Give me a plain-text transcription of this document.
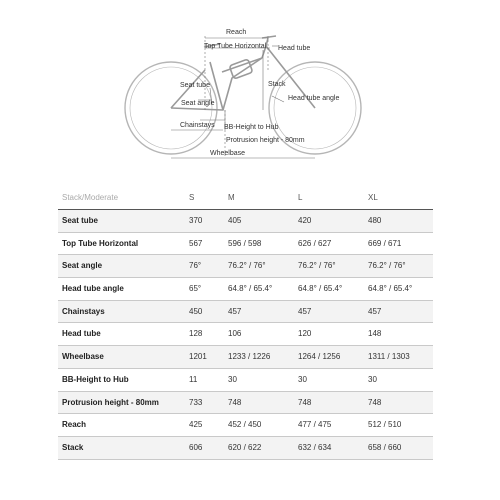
Reach
Top Tube Horizontal Head tube
Seat tube	Stack
Seat angle
Head tube angle
Chainstays BB-Height to Hub
Protrusion height - 80mm
Wheelbase
Stack/Moderate	S	M	L	XL
Seat tube	370	405	420	480
Top Tube Horizontal	567	596 / 598	626 / 627	669 / 671
Seat angle	76°	76.2° / 76°	76.2° / 76°	76.2° / 76°
Head tube angle	65°	64.8° / 65.4°	64.8° / 65.4°	64.8° / 65.4°
Chainstays	450	457	457	457
Head tube	128	106	120	148
Wheelbase	1201	1233 / 1226	1264 / 1256	1311 / 1303
BB-Height to Hub	11	30	30	30
Protrusion height - 80mm	733	748	748	748
Reach	425	452 / 450	477 / 475	512 / 510
Stack	606	620 / 622	632 / 634	658 / 660
